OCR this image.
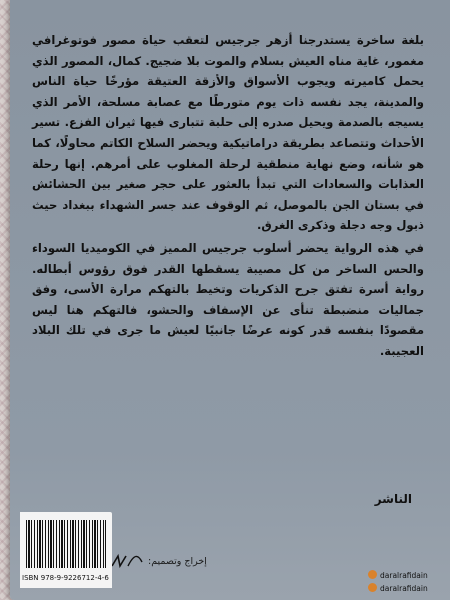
بلغة ساخرة يستدرجنا أزهر جرجيس لتعقب حياة مصور فوتوغرافي مغمور، غاية مناه العيش بسلام والموت بلا ضجيج. كمال، المصور الذي يحمل كاميرته ويجوب الأسواق والأزقة العتيقة مؤرخًا حياة الناس والمدينة، يجد نفسه ذات يوم متورطًا مع عصابة مسلحة، الأمر الذي يسيجه بالصدمة ويحيل صدره إلى حلبة تتبارى فيها ثيران الفزع. تسير الأحداث وتتصاعد بطريقة دراماتيكية ويحضر السلاح الكاتم محاولًا، كما هو شأنه، وضع نهاية منطقية لرحلة المغلوب على أمرهم. إنها رحلة العذابات والسعادات التي تبدأ بالعثور على حجر صغير بين الحشائش في بستان الجن بالموصل، ثم الوقوف عند جسر الشهداء ببغداد حيث ذبول وجه دجلة وذكرى الغرق.

في هذه الرواية يحضر أسلوب جرجيس المميز في الكوميديا السوداء والحس الساخر من كل مصيبة يسقطها القدر فوق رؤوس أبطاله. رواية أسرة تفتق جرح الذكريات وتخيط بالتهكم مرارة الأسى، وفق جماليات منضبطة تنأى عن الإسفاف والحشو، فالتهكم هنا ليس مقصودًا بنفسه قدر كونه عرضًا جانبيًا لعيش ما جرى في تلك البلاد العجيبة.

الناشر
إخراج وتصميم:
ISBN 978-9-9226712-4-6	daralrafidain
daralrafidain
